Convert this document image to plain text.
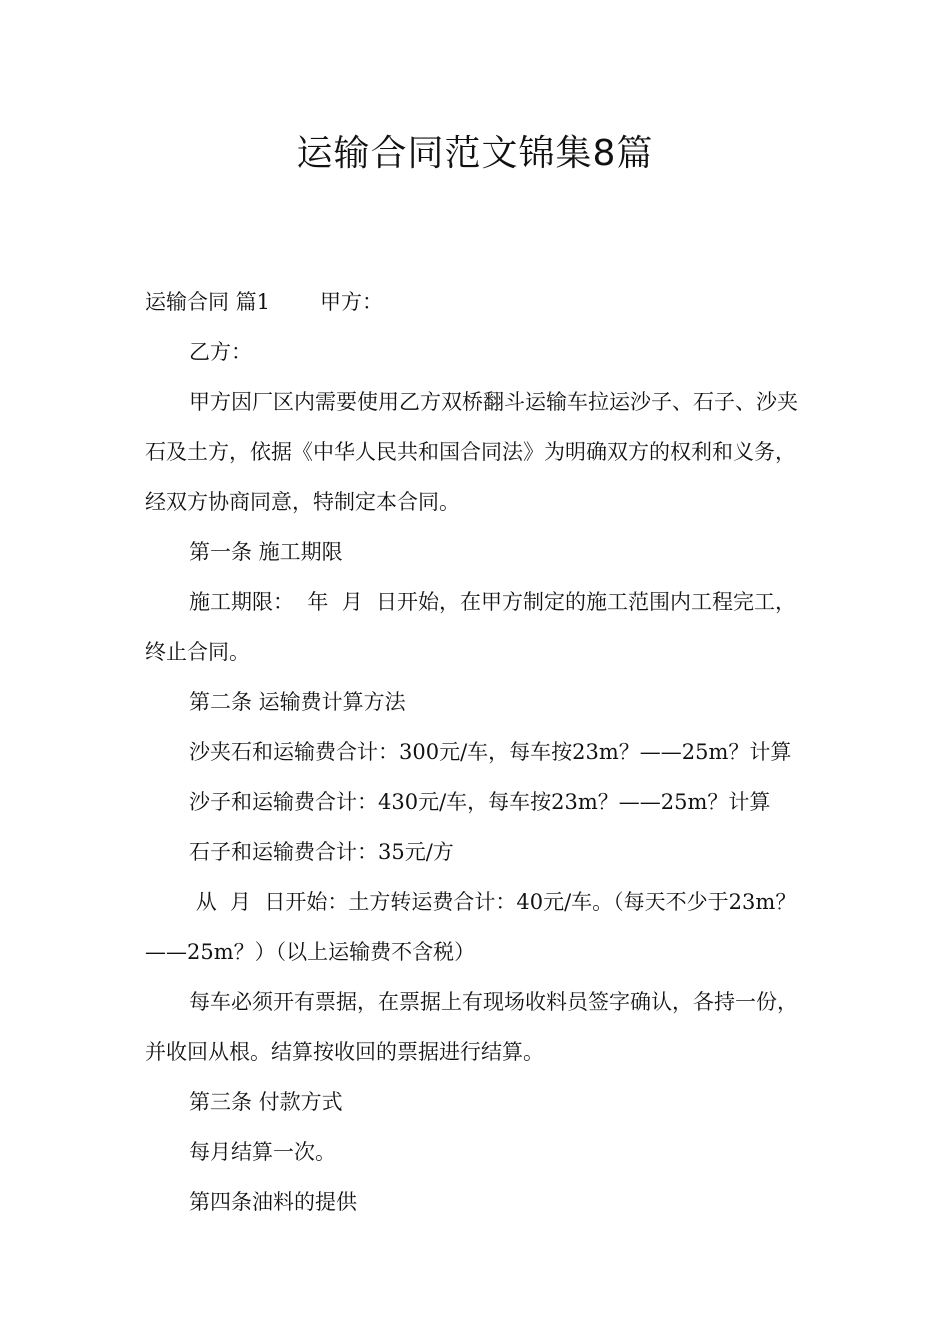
运输合同范文锦集8篇

运输合同 篇1 甲方：

乙方：

甲方因厂区内需要使用乙方双桥翻斗运输车拉运沙子、石子、沙夹石及土方，依据《中华人民共和国合同法》为明确双方的权利和义务，经双方协商同意，特制定本合同。

第一条 施工期限

施工期限：  年  月  日开始，在甲方制定的施工范围内工程完工，终止合同。

第二条 运输费计算方法

沙夹石和运输费合计：300元/车，每车按23m？——25m？计算

沙子和运输费合计：430元/车，每车按23m？——25m？计算

石子和运输费合计：35元/方

从  月  日开始：土方转运费合计：40元/车。（每天不少于23m？——25m？）（以上运输费不含税）

每车必须开有票据，在票据上有现场收料员签字确认，各持一份，并收回从根。结算按收回的票据进行结算。

第三条 付款方式

每月结算一次。

第四条油料的提供
